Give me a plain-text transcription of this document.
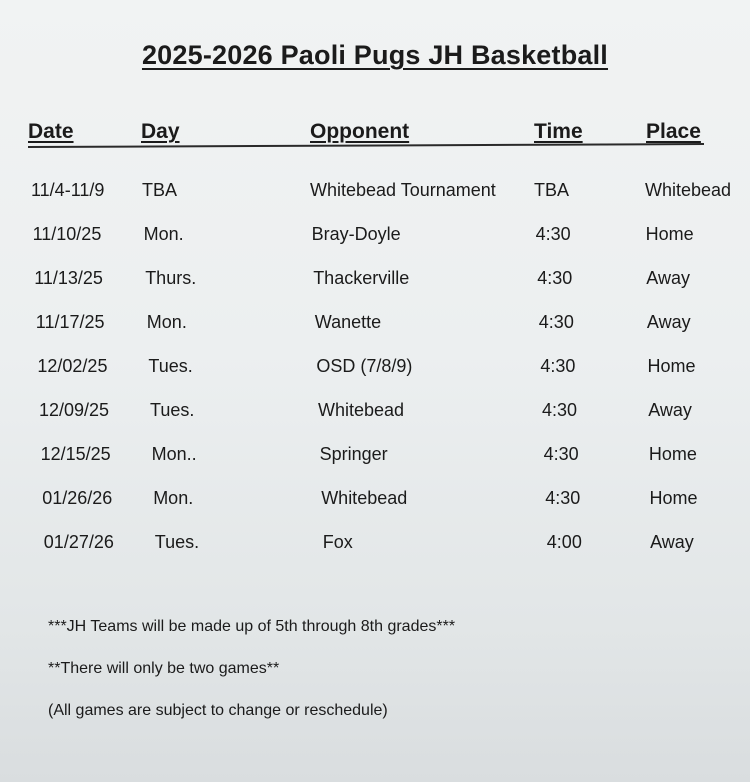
2025-2026 Paoli Pugs JH Basketball
Date	Day	Opponent	Time	Place
11/4-11/9 TBA	Whitebead Tournament TBA	Whitebead
11/10/25 Mon.	Bray-Doyle	4:30	Home
11/13/25 Thurs.	Thackerville	4:30	Away
11/17/25 Mon.	Wanette	4:30	Away
12/02/25 Tues.	OSD (7/8/9)	4:30	Home
12/09/25 Tues.	Whitebead	4:30	Away
12/15/25 Mon..	Springer	4:30	Home
01/26/26 Mon.	Whitebead	4:30	Home
01/27/26 Tues.	Fox	4:00	Away
***JH Teams will be made up of 5th through 8th grades***
**There will only be two games**
(All games are subject to change or reschedule)
